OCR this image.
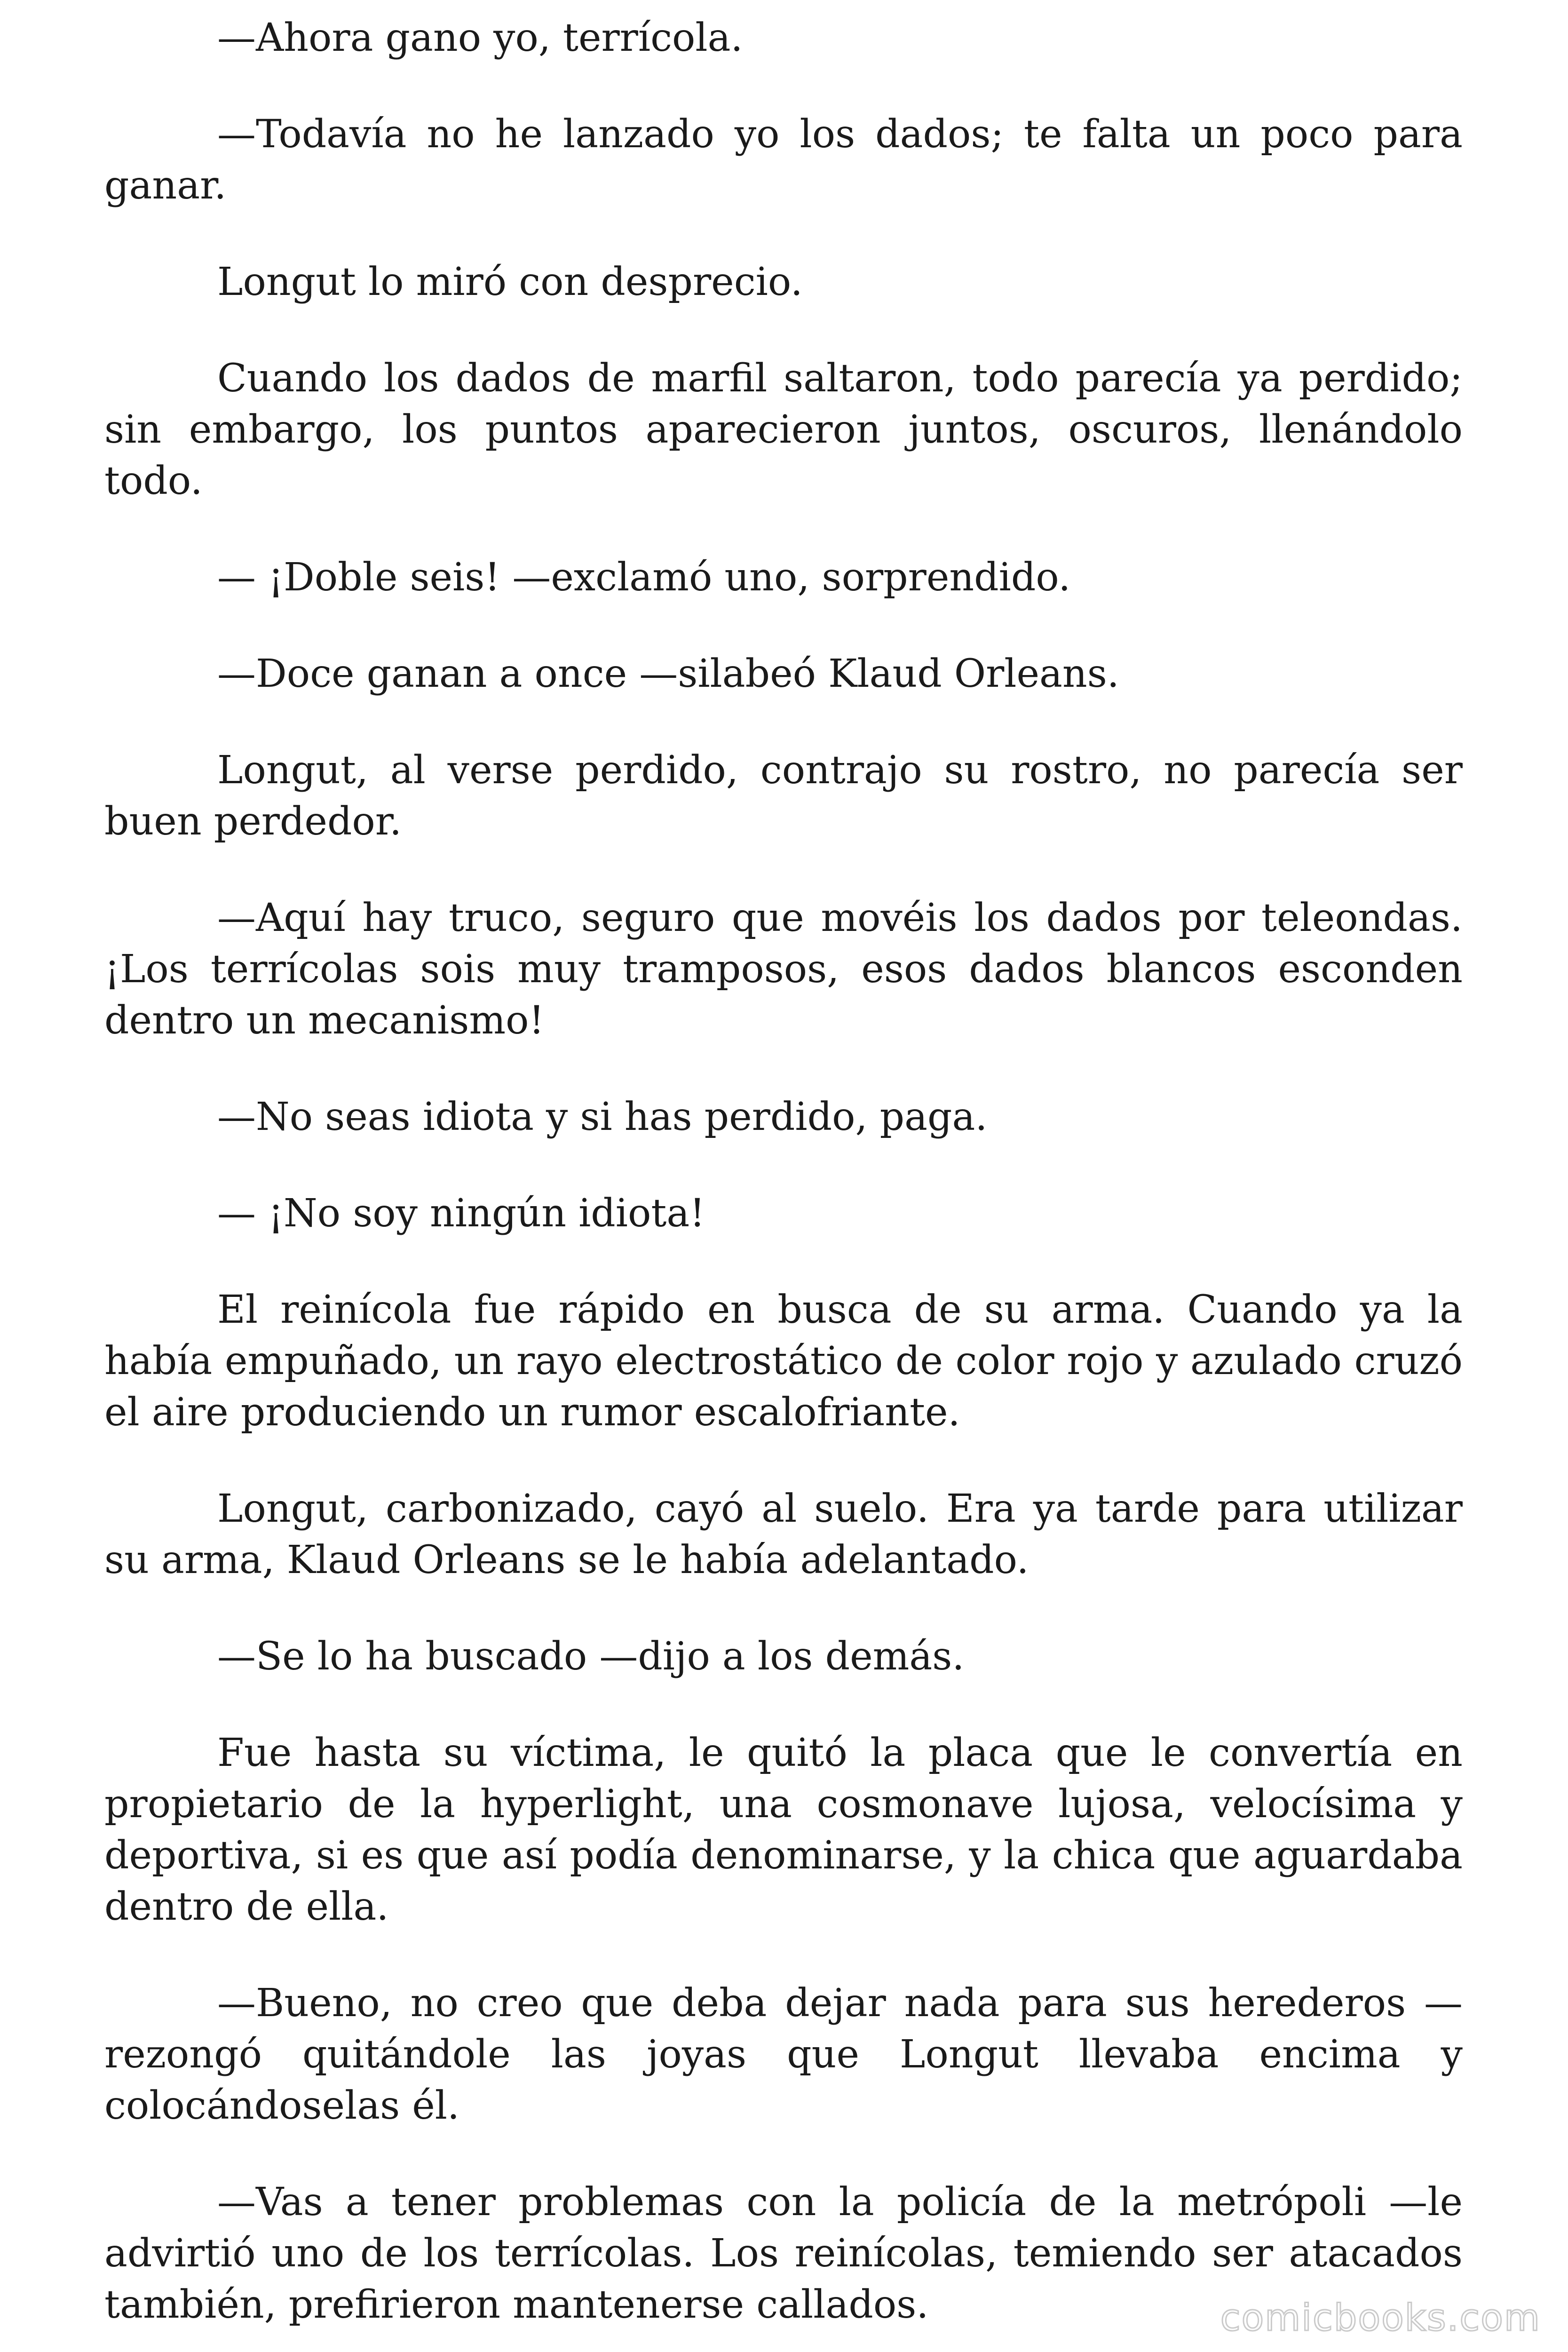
—Ahora gano yo, terrícola.

—Todavía no he lanzado yo los dados; te falta un poco para ganar.

Longut lo miró con desprecio.

Cuando los dados de marfil saltaron, todo parecía ya perdido; sin embargo, los puntos aparecieron juntos, oscuros, llenándolo todo.

— ¡Doble seis! —exclamó uno, sorprendido.

—Doce ganan a once —silabeó Klaud Orleans.

Longut, al verse perdido, contrajo su rostro, no parecía ser buen perdedor.

—Aquí hay truco, seguro que movéis los dados por teleondas. ¡Los terrícolas sois muy tramposos, esos dados blancos esconden dentro un mecanismo!

—No seas idiota y si has perdido, paga.

— ¡No soy ningún idiota!

El reinícola fue rápido en busca de su arma. Cuando ya la había empuñado, un rayo electrostático de color rojo y azulado cruzó el aire produciendo un rumor escalofriante.

Longut, carbonizado, cayó al suelo. Era ya tarde para utilizar su arma, Klaud Orleans se le había adelantado.

—Se lo ha buscado —dijo a los demás.

Fue hasta su víctima, le quitó la placa que le convertía en propietario de la hyperlight, una cosmonave lujosa, velocísima y deportiva, si es que así podía denominarse, y la chica que aguardaba dentro de ella.

—Bueno, no creo que deba dejar nada para sus herederos —rezongó quitándole las joyas que Longut llevaba encima y colocándoselas él.

—Vas a tener problemas con la policía de la metrópoli —le advirtió uno de los terrícolas. Los reinícolas, temiendo ser atacados también, prefirieron mantenerse callados.	comicbooks.com
